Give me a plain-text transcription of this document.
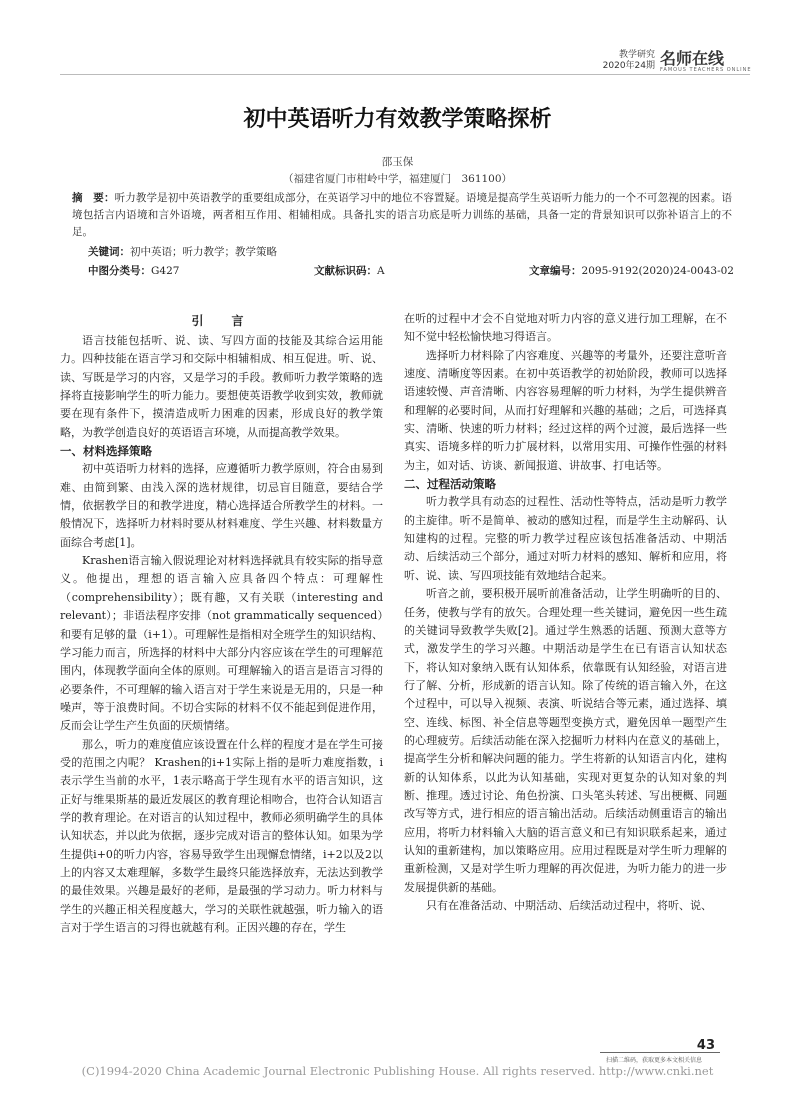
教学研究
2020年24期 名师在线
FAMOUS TEACHERS ONLINE
初中英语听力有效教学策略探析
邵玉保
（福建省厦门市柑岭中学，福建厦门　361100）
摘　要：听力教学是初中英语教学的重要组成部分，在英语学习中的地位不容置疑。语境是提高学生英语听力能力的一个不可忽视的因素。语境包括言内语境和言外语境，两者相互作用、相辅相成。具备扎实的语言功底是听力训练的基础，具备一定的背景知识可以弥补语言上的不足。
关键词：初中英语；听力教学；教学策略
中图分类号：G427	文献标识码：A	文章编号：2095-9192(2020)24-0043-02
引　言

语言技能包括听、说、读、写四方面的技能及其综合运用能力。四种技能在语言学习和交际中相辅相成、相互促进。听、说、读、写既是学习的内容，又是学习的手段。教师听力教学策略的选择将直接影响学生的听力能力。要想使英语教学收到实效，教师就要在现有条件下，摸清造成听力困难的因素，形成良好的教学策略，为教学创造良好的英语语言环境，从而提高教学效果。

一、材料选择策略

初中英语听力材料的选择，应遵循听力教学原则，符合由易到难、由简到繁、由浅入深的选材规律，切忌盲目随意，要结合学情，依据教学目的和教学进度，精心选择适合所教学生的材料。一般情况下，选择听力材料时要从材料难度、学生兴趣、材料数量方面综合考虑[1]。

Krashen语言输入假说理论对材料选择就具有较实际的指导意义。他提出，理想的语言输入应具备四个特点：可理解性（comprehensibility）；既有趣，又有关联（interesting and relevant）；非语法程序安排（not grammatically sequenced）和要有足够的量（i+1）。可理解性是指相对全班学生的知识结构、学习能力而言，所选择的材料中大部分内容应该在学生的可理解范围内，体现教学面向全体的原则。可理解输入的语言是语言习得的必要条件，不可理解的输入语言对于学生来说是无用的，只是一种噪声，等于浪费时间。不切合实际的材料不仅不能起到促进作用，反而会让学生产生负面的厌烦情绪。

那么，听力的难度值应该设置在什么样的程度才是在学生可接受的范围之内呢？ Krashen的i+1实际上指的是听力难度指数，i表示学生当前的水平，1表示略高于学生现有水平的语言知识，这正好与维果斯基的最近发展区的教育理论相吻合，也符合认知语言学的教育理论。在对语言的认知过程中，教师必须明确学生的具体认知状态，并以此为依据，逐步完成对语言的整体认知。如果为学生提供i+0的听力内容，容易导致学生出现懈怠情绪，i+2以及2以上的内容又太难理解，多数学生最终只能选择放弃，无法达到教学的最佳效果。兴趣是最好的老师，是最强的学习动力。听力材料与学生的兴趣正相关程度越大，学习的关联性就越强，听力输入的语言对于学生语言的习得也就越有利。正因兴趣的存在，学生

在听的过程中才会不自觉地对听力内容的意义进行加工理解，在不知不觉中轻松愉快地习得语言。

选择听力材料除了内容难度、兴趣等的考量外，还要注意听音速度、清晰度等因素。在初中英语教学的初始阶段，教师可以选择语速较慢、声音清晰、内容容易理解的听力材料，为学生提供辨音和理解的必要时间，从而打好理解和兴趣的基础；之后，可选择真实、清晰、快速的听力材料；经过这样的两个过渡，最后选择一些真实、语境多样的听力扩展材料，以常用实用、可操作性强的材料为主，如对话、访谈、新闻报道、讲故事、打电话等。

二、过程活动策略

听力教学具有动态的过程性、活动性等特点，活动是听力教学的主旋律。听不是简单、被动的感知过程，而是学生主动解码、认知建构的过程。完整的听力教学过程应该包括准备活动、中期活动、后续活动三个部分，通过对听力材料的感知、解析和应用，将听、说、读、写四项技能有效地结合起来。

听音之前，要积极开展听前准备活动，让学生明确听的目的、任务，使教与学有的放矢。合理处理一些关键词，避免因一些生疏的关键词导致教学失败[2]。通过学生熟悉的话题、预测大意等方式，激发学生的学习兴趣。中期活动是学生在已有语言认知状态下，将认知对象纳入既有认知体系，依靠既有认知经验，对语言进行了解、分析，形成新的语言认知。除了传统的语言输入外，在这个过程中，可以导入视频、表演、听说结合等元素，通过选择、填空、连线、标图、补全信息等题型变换方式，避免因单一题型产生的心理疲劳。后续活动能在深入挖掘听力材料内在意义的基础上，提高学生分析和解决问题的能力。学生将新的认知语言内化，建构新的认知体系，以此为认知基础，实现对更复杂的认知对象的判断、推理。透过讨论、角色扮演、口头笔头转述、写出梗概、同题改写等方式，进行相应的语言输出活动。后续活动侧重语言的输出应用，将听力材料输入大脑的语言意义和已有知识联系起来，通过认知的重新建构，加以策略应用。应用过程既是对学生听力理解的重新检测，又是对学生听力理解的再次促进，为听力能力的进一步发展提供新的基础。

只有在准备活动、中期活动、后续活动过程中，将听、说、

43
扫描二维码，获取更多本文相关信息
(C)1994-2020 China Academic Journal Electronic Publishing House. All rights reserved. http://www.cnki.net
